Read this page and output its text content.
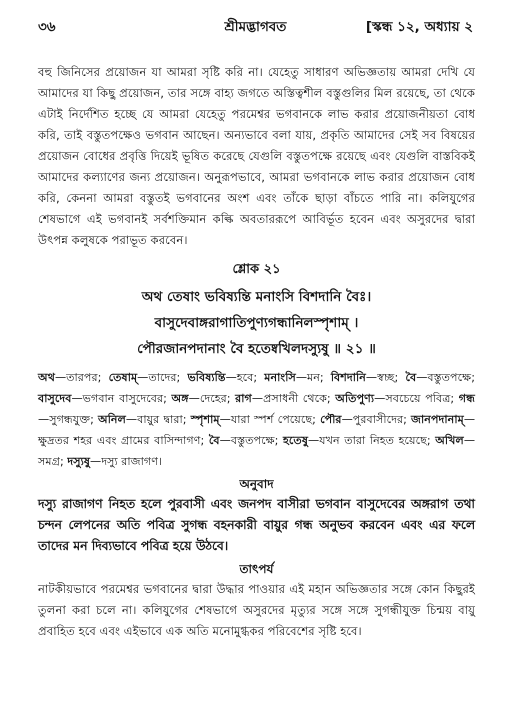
৩৬	শ্রীমদ্ভাগবত	[স্কন্ধ ১২, অধ্যায় ২

বহু জিনিসের প্রয়োজন যা আমরা সৃষ্টি করি না। যেহেতু সাধারণ অভিজ্ঞতায় আমরা দেখি যে আমাদের যা কিছু প্রয়োজন, তার সঙ্গে বাহ্য জগতে অস্তিত্বশীল বস্তুগুলির মিল রয়েছে, তা থেকে এটাই নির্দেশিত হচ্ছে যে আমরা যেহেতু পরমেশ্বর ভগবানকে লাভ করার প্রয়োজনীয়তা বোধ করি, তাই বস্তুতপক্ষেও ভগবান আছেন। অন্যভাবে বলা যায়, প্রকৃতি আমাদের সেই সব বিষয়ের প্রয়োজন বোধের প্রবৃত্তি দিয়েই ভূষিত করেছে যেগুলি বস্তুতপক্ষে রয়েছে এবং যেগুলি বাস্তবিকই আমাদের কল্যাণের জন্য প্রয়োজন। অনুরূপভাবে, আমরা ভগবানকে লাভ করার প্রয়োজন বোধ করি, কেননা আমরা বস্তুতই ভগবানের অংশ এবং তাঁকে ছাড়া বাঁচতে পারি না। কলিযুগের শেষভাগে এই ভগবানই সর্বশক্তিমান কল্কি অবতাররূপে আবির্ভূত হবেন এবং অসুরদের দ্বারা উৎপন্ন কলুষকে পরাভূত করবেন।

শ্লোক ২১

অথ তেষাং ভবিষ্যন্তি মনাংসি বিশদানি বৈঃ।

বাসুদেবাঙ্গরাগাতিপুণ্যগন্ধানিলস্পৃশাম্ ।

পৌরজানপদানাং বৈ হতেষ্বখিলদস্যুষু ॥ ২১ ॥

অথ—তারপর; তেষাম্—তাদের; ভবিষ্যন্তি—হবে; মনাংসি—মন; বিশদানি—স্বচ্ছ; বৈ—বস্তুতপক্ষে; বাসুদেব—ভগবান বাসুদেবের; অঙ্গ—দেহের; রাগ—প্রসাধনী থেকে; অতিপুণ্য—সবচেয়ে পবিত্র; গন্ধ—সুগন্ধযুক্ত; অনিল—বায়ুর দ্বারা; স্পৃশাম্—যারা স্পর্শ পেয়েছে; পৌর—পুরবাসীদের; জানপদানাম্—ক্ষুদ্রতর শহর এবং গ্রামের বাসিন্দাগণ; বৈ—বস্তুতপক্ষে; হতেষু—যখন তারা নিহত হয়েছে; অখিল—সমগ্র; দস্যুষু—দস্যু রাজাগণ।

অনুবাদ

দস্যু রাজাগণ নিহত হলে পুরবাসী এবং জনপদ বাসীরা ভগবান বাসুদেবের অঙ্গরাগ তথা চন্দন লেপনের অতি পবিত্র সুগন্ধ বহনকারী বায়ুর গন্ধ অনুভব করবেন এবং এর ফলে তাদের মন দিব্যভাবে পবিত্র হয়ে উঠবে।

তাৎপর্য

নাটকীয়ভাবে পরমেশ্বর ভগবানের দ্বারা উদ্ধার পাওয়ার এই মহান অভিজ্ঞতার সঙ্গে কোন কিছুরই তুলনা করা চলে না। কলিযুগের শেষভাগে অসুরদের মৃত্যুর সঙ্গে সঙ্গে সুগন্ধীযুক্ত চিন্ময় বায়ু প্রবাহিত হবে এবং এইভাবে এক অতি মনোমুগ্ধকর পরিবেশের সৃষ্টি হবে।
